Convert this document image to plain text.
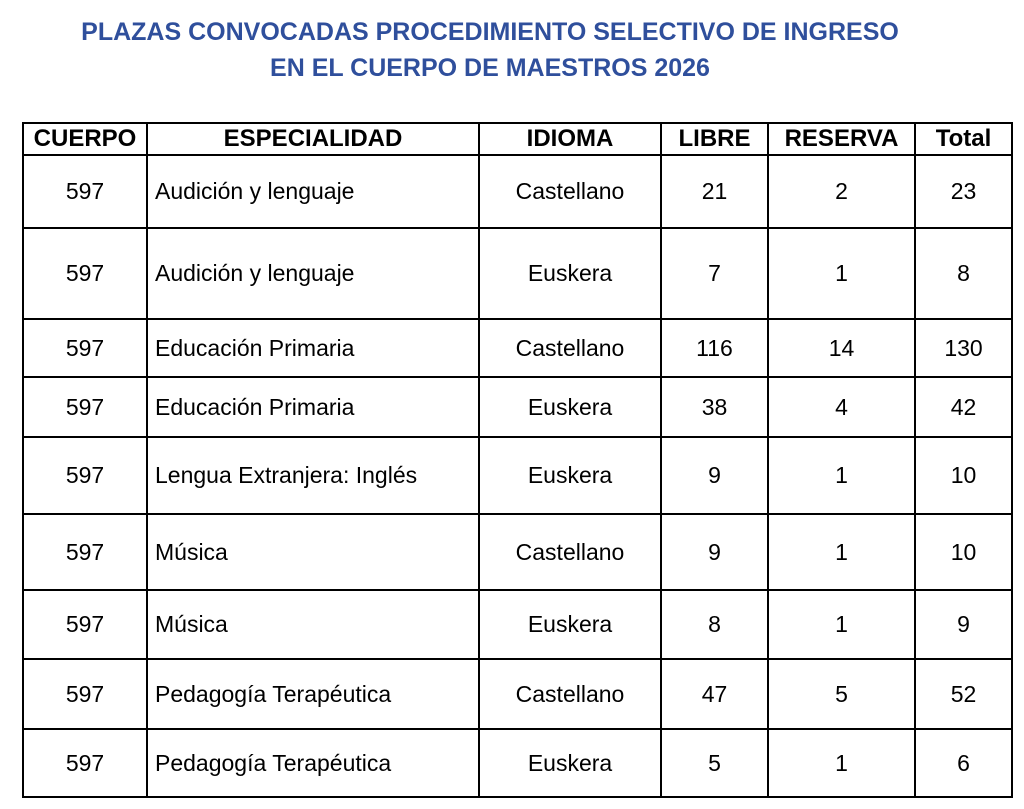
PLAZAS CONVOCADAS PROCEDIMIENTO SELECTIVO DE INGRESO
EN EL CUERPO DE MAESTROS 2026
CUERPO	ESPECIALIDAD	IDIOMA	LIBRE	RESERVA	Total
597	Audición y lenguaje	Castellano	21	2	23
597	Audición y lenguaje	Euskera	7	1	8
597	Educación Primaria	Castellano	116	14	130
597	Educación Primaria	Euskera	38	4	42
597	Lengua Extranjera: Inglés	Euskera	9	1	10
597	Música	Castellano	9	1	10
597	Música	Euskera	8	1	9
597	Pedagogía Terapéutica	Castellano	47	5	52
597	Pedagogía Terapéutica	Euskera	5	1	6
